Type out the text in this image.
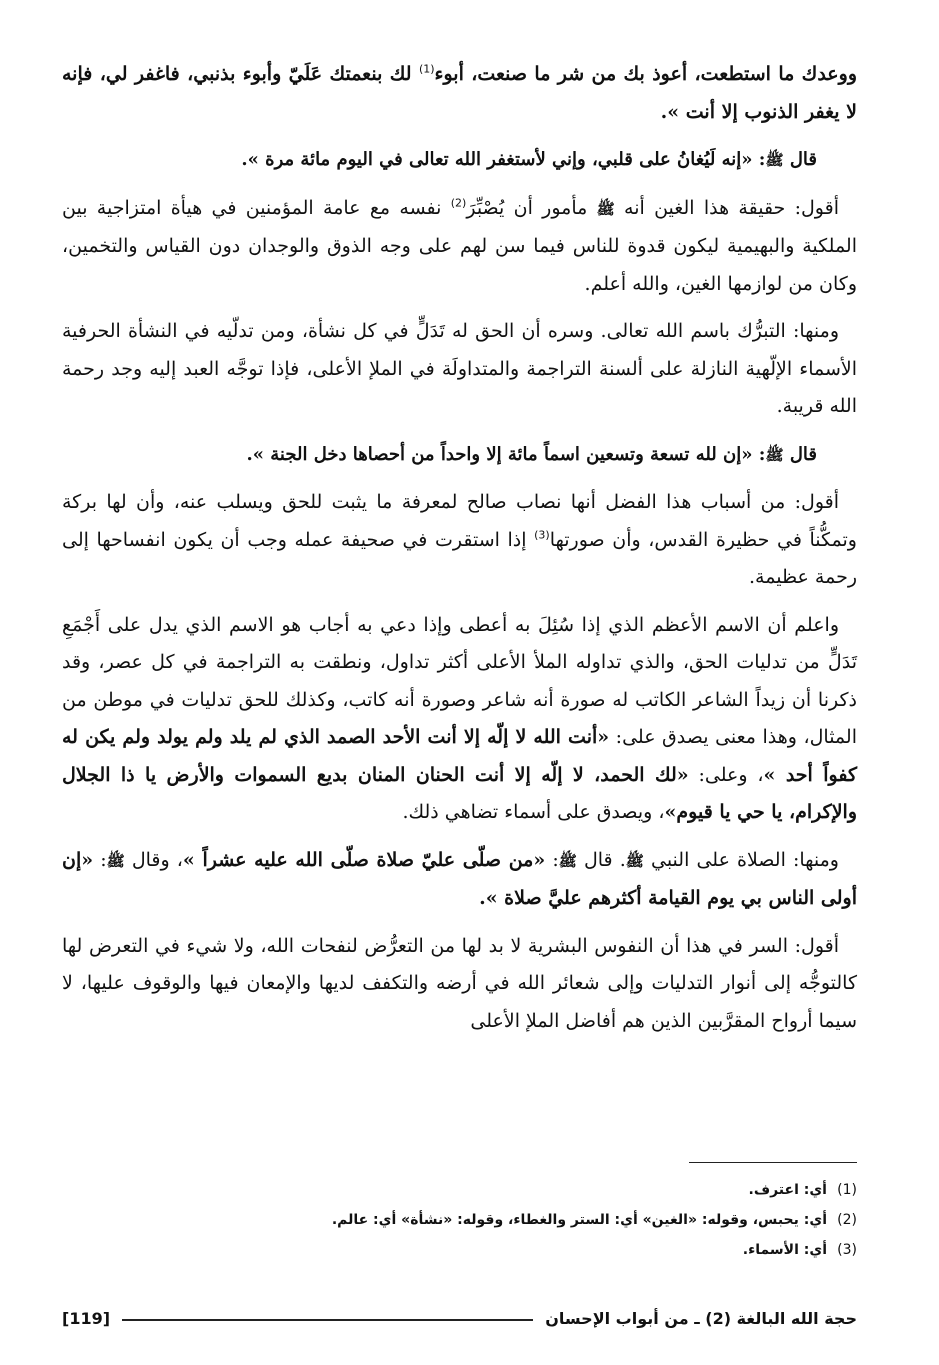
ووعدك ما استطعت، أعوذ بك من شر ما صنعت، أبوء$^{(1)}$ لك بنعمتك عَلَيّ وأبوء بذنبي، فاغفر لي، فإنه لا يغفر الذنوب إلا أنت ».

قال ﷺ: «إنه لَيُغانُ على قلبي، وإني لأستغفر الله تعالى في اليوم مائة مرة ».

أقول: حقيقة هذا الغين أنه ﷺ مأمور أن يُصْبِّرَ$^{(2)}$ نفسه مع عامة المؤمنين في هيأة امتزاجية بين الملكية والبهيمية ليكون قدوة للناس فيما سن لهم على وجه الذوق والوجدان دون القياس والتخمين، وكان من لوازمها الغين، والله أعلم.

ومنها: التبرُّك باسم الله تعالى. وسره أن الحق له تَدَلٍّ في كل نشأة، ومن تدلّيه في النشأة الحرفية الأسماء الإلّهية النازلة على ألسنة التراجمة والمتداولَة في الملإ الأعلى، فإذا توجَّه العبد إليه وجد رحمة الله قريبة.

قال ﷺ: «إن لله تسعة وتسعين اسماً مائة إلا واحداً من أحصاها دخل الجنة ».

أقول: من أسباب هذا الفضل أنها نصاب صالح لمعرفة ما يثبت للحق ويسلب عنه، وأن لها بركة وتمكُّناً في حظيرة القدس، وأن صورتها$^{(3)}$ إذا استقرت في صحيفة عمله وجب أن يكون انفساحها إلى رحمة عظيمة.

واعلم أن الاسم الأعظم الذي إذا سُئِلَ به أعطى وإذا دعي به أجاب هو الاسم الذي يدل على أَجْمَعِ تَدَلٍّ من تدليات الحق، والذي تداوله الملأ الأعلى أكثر تداول، ونطقت به التراجمة في كل عصر، وقد ذكرنا أن زيداً الشاعر الكاتب له صورة أنه شاعر وصورة أنه كاتب، وكذلك للحق تدليات في موطن من المثال، وهذا معنى يصدق على: «أنت الله لا إلّه إلا أنت الأحد الصمد الذي لم يلد ولم يولد ولم يكن له كفواً أحد »، وعلى: «لك الحمد، لا إلّه إلا أنت الحنان المنان بديع السموات والأرض يا ذا الجلال والإكرام، يا حي يا قيوم»، ويصدق على أسماء تضاهي ذلك.

ومنها: الصلاة على النبي ﷺ. قال ﷺ: «من صلّى عليّ صلاة صلّى الله عليه عشراً »، وقال ﷺ: «إن أولى الناس بي يوم القيامة أكثرهم عليَّ صلاة ».

أقول: السر في هذا أن النفوس البشرية لا بد لها من التعرُّض لنفحات الله، ولا شيء في التعرض لها كالتوجُّه إلى أنوار التدليات وإلى شعائر الله في أرضه والتكفف لديها والإمعان فيها والوقوف عليها، لا سيما أرواح المقرَّبين الذين هم أفاضل الملإ الأعلى

(1)أي: اعترف.
(2)أي: يحبس، وقوله: «الغين» أي: الستر والغطاء، وقوله: «نشأة» أي: عالم.
(3)أي: الأسماء.
حجة الله البالغة (2) ـ من أبواب الإحسان
[119]
